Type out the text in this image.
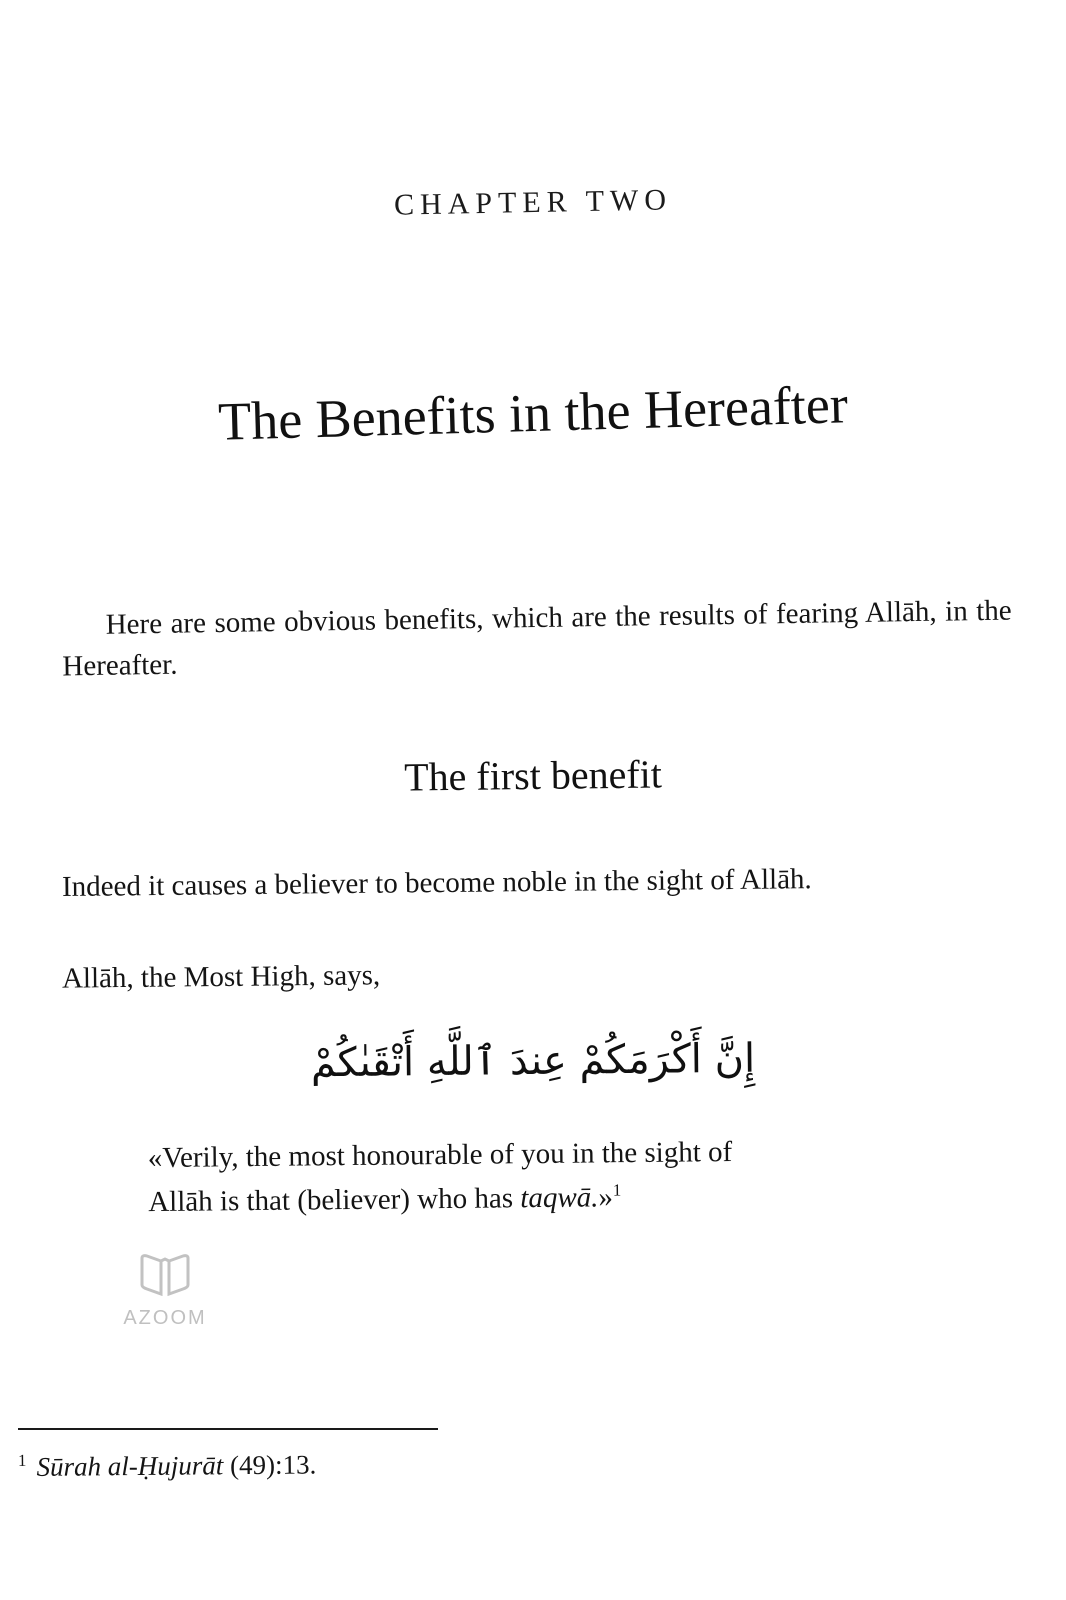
CHAPTER TWO
The Benefits in the Hereafter
Here are some obvious benefits, which are the results of fearing Allāh, in the Hereafter.
The first benefit
Indeed it causes a believer to become noble in the sight of Allāh.
Allāh, the Most High, says,
إِنَّ أَكْرَمَكُمْ عِندَ ٱللَّهِ أَتْقَىٰكُمْ
«Verily, the most honourable of you in the sight of
Allāh is that (believer) who has taqwā.»$^1$
AZOOM
$^1$ Sūrah al-Ḥujurāt (49):13.
